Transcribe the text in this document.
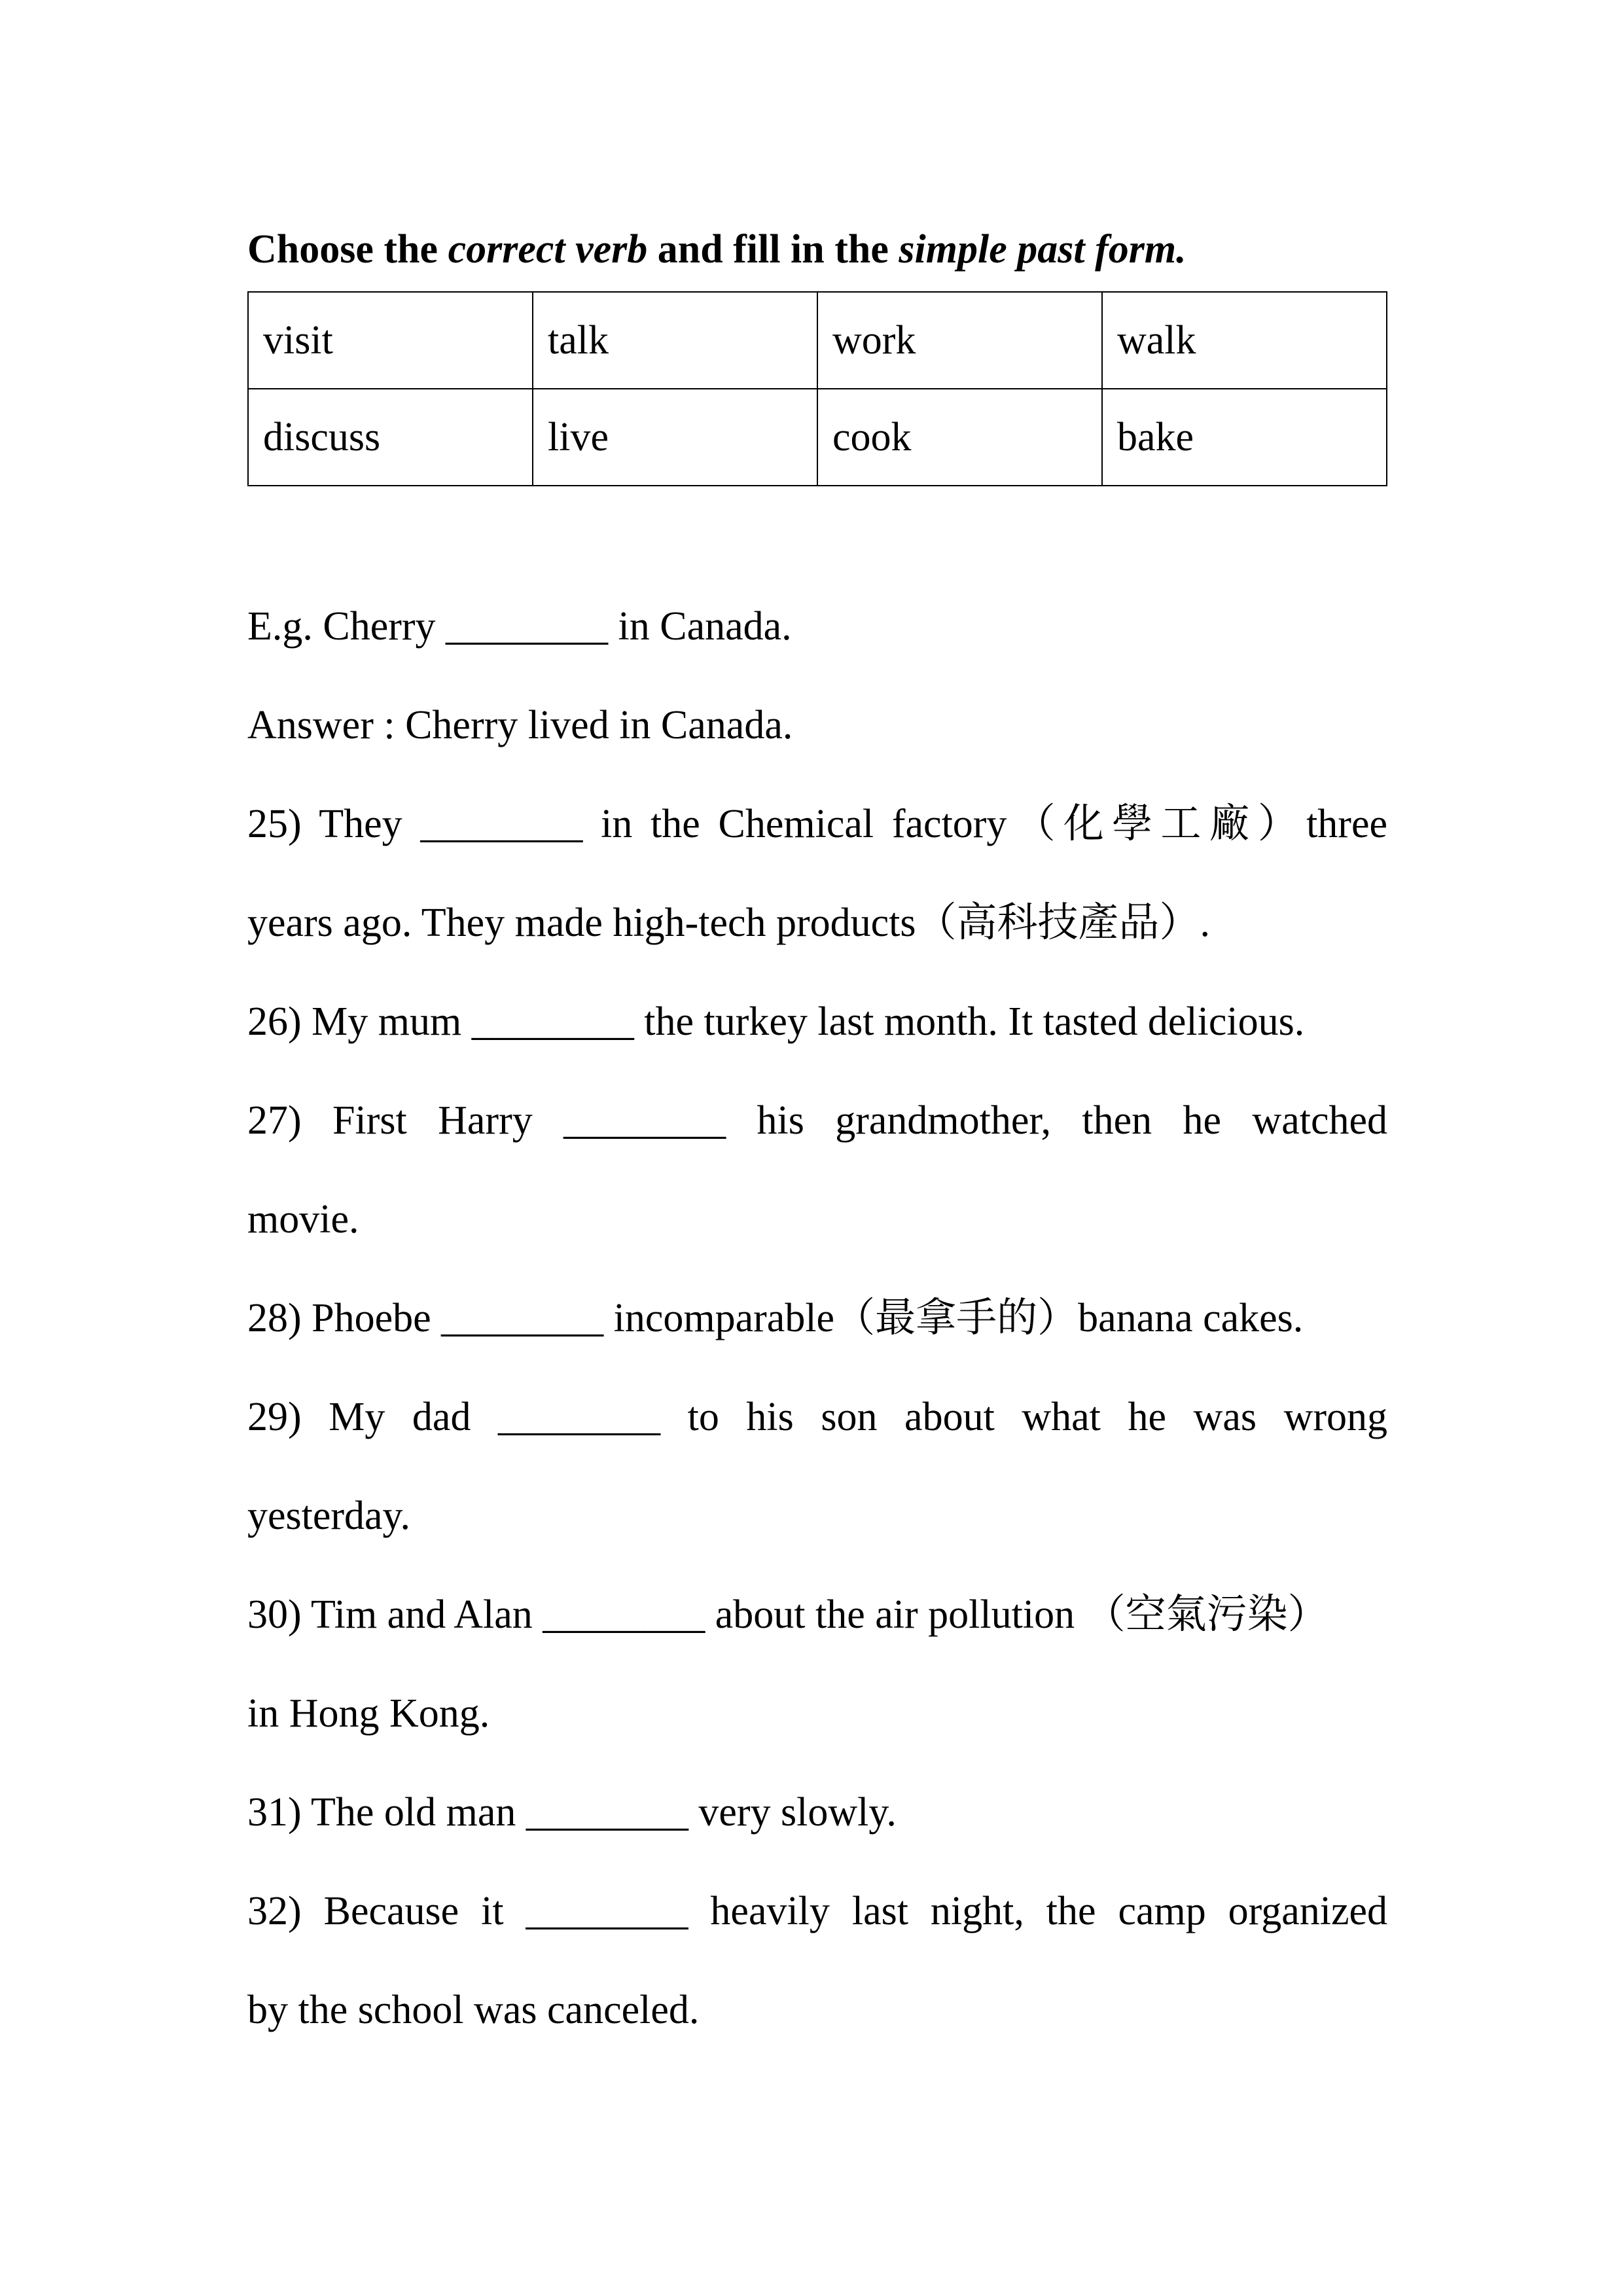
Choose the correct verb and fill in the simple past form.

visit	talk	work	walk
discuss	live	cook	bake
E.g. Cherry ________ in Canada.
Answer : Cherry lived in Canada.
25) They ________ in the Chemical factory（化學工廠）three
years ago. They made high-tech products（高科技產品）.
26) My mum ________ the turkey last month. It tasted delicious.
27) First Harry ________ his grandmother, then he watched
movie.
28) Phoebe ________ incomparable（最拿手的）banana cakes.
29) My dad ________ to his son about what he was wrong
yesterday.
30) Tim and Alan ________ about the air pollution （空氣污染）
in Hong Kong.
31) The old man ________ very slowly.
32) Because it ________ heavily last night, the camp organized
by the school was canceled.
